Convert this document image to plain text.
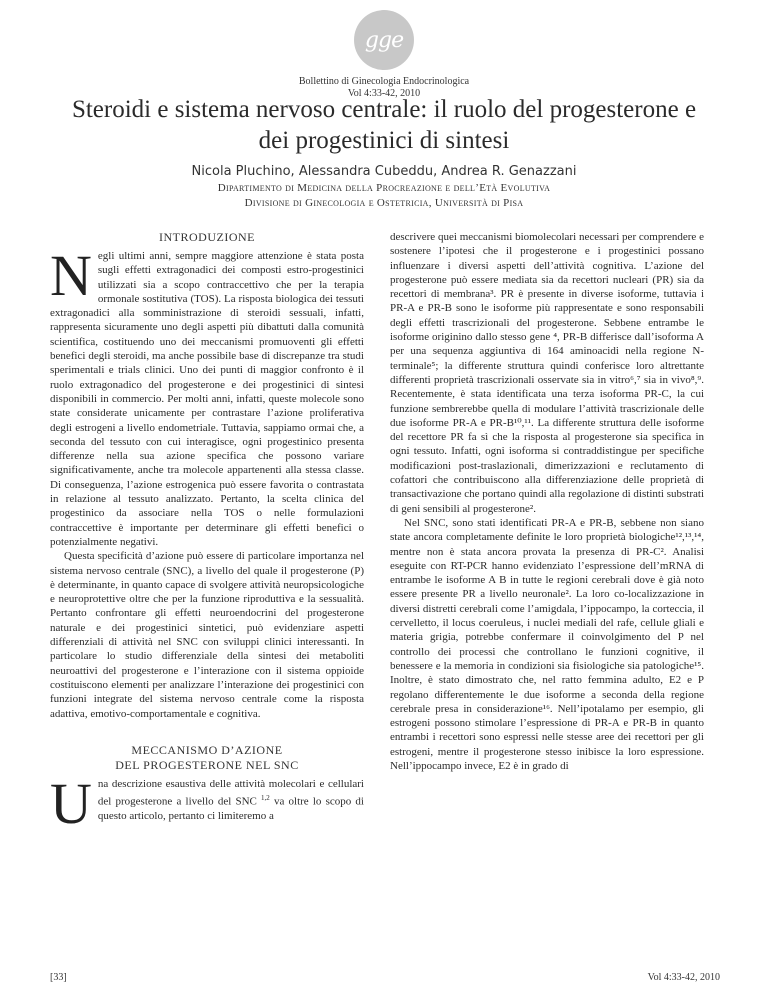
gge
Bollettino di Ginecologia Endocrinologica
Vol 4:33-42, 2010
Steroidi e sistema nervoso centrale: il ruolo del progesterone e dei progestinici di sintesi
Nicola Pluchino, Alessandra Cubeddu, Andrea R. Genazzani
Dipartimento di Medicina della Procreazione e dell’Età Evolutiva
Divisione di Ginecologia e Ostetricia, Università di Pisa
INTRODUZIONE

Negli ultimi anni, sempre maggiore attenzione è stata posta sugli effetti extragonadici dei composti estro-progestinici utilizzati sia a scopo contraccettivo che per la terapia ormonale sostitutiva (TOS). La risposta biologica dei tessuti extragonadici alla somministrazione di steroidi sessuali, infatti, rappresenta sicuramente uno degli aspetti più dibattuti dalla comunità scientifica, costituendo uno dei meccanismi promuoventi gli effetti benefici degli steroidi, ma anche possibile base di discrepanze tra studi sperimentali e trials clinici. Uno dei punti di maggior confronto è il ruolo extragonadico del progesterone e dei progestinici di sintesi disponibili in commercio. Per molti anni, infatti, queste molecole sono state considerate unicamente per contrastare l’azione proliferativa degli estrogeni a livello endometriale. Tuttavia, sappiamo ormai che, a seconda del tessuto con cui interagisce, ogni progestinico presenta differenze nella sua azione specifica che possono variare significativamente, anche tra molecole appartenenti alla stessa classe. Di conseguenza, l’azione estrogenica può essere favorita o contrastata in relazione al tessuto analizzato. Pertanto, la scelta clinica del progestinico da associare nella TOS o nelle formulazioni contraccettive è importante per determinare gli effetti benefici o potenzialmente negativi.

Questa specificità d’azione può essere di particolare importanza nel sistema nervoso centrale (SNC), a livello del quale il progesterone (P) è determinante, in quanto capace di svolgere attività neuropsicologiche e neuroprotettive oltre che per la funzione riproduttiva e la sessualità. Pertanto confrontare gli effetti neuroendocrini del progesterone naturale e dei progestinici sintetici, può evidenziare aspetti differenziali di attività nel SNC con sviluppi clinici interessanti. In particolare lo studio differenziale della sintesi dei metaboliti neuroattivi del progesterone e l’interazione con il sistema oppioide costituiscono elementi per analizzare l’interazione dei progestinici con funzioni integrate del sistema nervoso centrale come la risposta adattiva, emotivo-comportamentale e cognitiva.

MECCANISMO D’AZIONE
DEL PROGESTERONE NEL SNC

Una descrizione esaustiva delle attività molecolari e cellulari del progesterone a livello del SNC $^{1,2}$ va oltre lo scopo di questo articolo, pertanto ci limiteremo a

descrivere quei meccanismi biomolecolari necessari per comprendere e sostenere l’ipotesi che il progesterone e i progestinici possano influenzare i diversi aspetti dell’attività cognitiva. L’azione del progesterone può essere mediata sia da recettori nucleari (PR) sia da recettori di membrana³. PR è presente in diverse isoforme, tuttavia i PR-A e PR-B sono le isoforme più rappresentate e sono responsabili degli effetti trascrizionali del progesterone. Sebbene entrambe le isoforme originino dallo stesso gene ⁴, PR-B differisce dall’isoforma A per una sequenza aggiuntiva di 164 aminoacidi nella regione N-terminale⁵; la differente struttura quindi conferisce loro altrettante differenti proprietà trascrizionali osservate sia in vitro⁶,⁷ sia in vivo⁸,⁹. Recentemente, è stata identificata una terza isoforma PR-C, la cui funzione sembrerebbe quella di modulare l’attività trascrizionale delle due isoforme PR-A e PR-B¹⁰,¹¹. La differente struttura delle isoforme del recettore PR fa sì che la risposta al progesterone sia specifica in ogni tessuto. Infatti, ogni isoforma si contraddistingue per specifiche modificazioni post-traslazionali, dimerizzazioni e reclutamento di cofattori che contribuiscono alla differenziazione delle proprietà di transactivazione che portano quindi alla regolazione di distinti substrati di geni sensibili al progesterone².

Nel SNC, sono stati identificati PR-A e PR-B, sebbene non siano state ancora completamente definite le loro proprietà biologiche¹²,¹³,¹⁴, mentre non è stata ancora provata la presenza di PR-C². Analisi eseguite con RT-PCR hanno evidenziato l’espressione dell’mRNA di entrambe le isoforme A B in tutte le regioni cerebrali dove è già noto essere presente PR a livello neuronale². La loro co-localizzazione in diversi distretti cerebrali come l’amigdala, l’ippocampo, la corteccia, il cervelletto, il locus coeruleus, i nuclei mediali del rafe, cellule gliali e materia grigia, potrebbe confermare il coinvolgimento del P nel controllo dei processi che controllano le funzioni cognitive, il benessere e la memoria in condizioni sia fisiologiche sia patologiche¹⁵. Inoltre, è stato dimostrato che, nel ratto femmina adulto, E2 e P regolano differentemente le due isoforme a seconda della regione cerebrale presa in considerazione¹⁶. Nell’ipotalamo per esempio, gli estrogeni possono stimolare l’espressione di PR-A e PR-B in quanto entrambi i recettori sono espressi nelle stesse aree dei recettori per gli estrogeni, mentre il progesterone stesso inibisce la loro espressione. Nell’ippocampo invece, E2 è in grado di

[33]	Vol 4:33-42, 2010
